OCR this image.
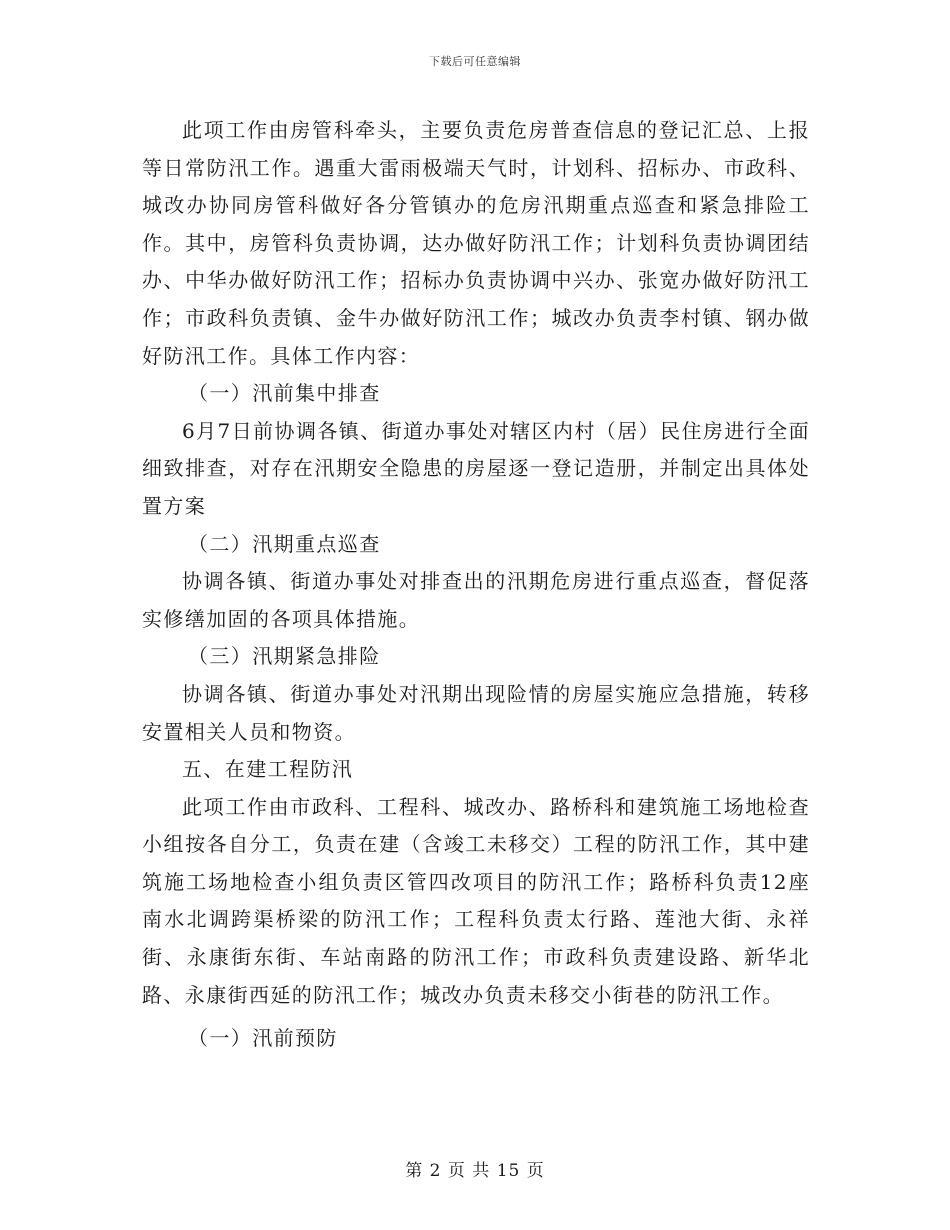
下载后可任意编辑

此项工作由房管科牵头，主要负责危房普查信息的登记汇总、上报等日常防汛工作。遇重大雷雨极端天气时，计划科、招标办、市政科、城改办协同房管科做好各分管镇办的危房汛期重点巡查和紧急排险工作。其中，房管科负责协调，达办做好防汛工作；计划科负责协调团结办、中华办做好防汛工作；招标办负责协调中兴办、张宽办做好防汛工作；市政科负责镇、金牛办做好防汛工作；城改办负责李村镇、钢办做好防汛工作。具体工作内容：

（一）汛前集中排查

6月7日前协调各镇、街道办事处对辖区内村（居）民住房进行全面细致排查，对存在汛期安全隐患的房屋逐一登记造册，并制定出具体处置方案

（二）汛期重点巡查

协调各镇、街道办事处对排查出的汛期危房进行重点巡查，督促落实修缮加固的各项具体措施。

（三）汛期紧急排险

协调各镇、街道办事处对汛期出现险情的房屋实施应急措施，转移安置相关人员和物资。

五、在建工程防汛

此项工作由市政科、工程科、城改办、路桥科和建筑施工场地检查小组按各自分工，负责在建（含竣工未移交）工程的防汛工作，其中建筑施工场地检查小组负责区管四改项目的防汛工作；路桥科负责12座南水北调跨渠桥梁的防汛工作；工程科负责太行路、莲池大街、永祥街、永康街东街、车站南路的防汛工作；市政科负责建设路、新华北路、永康街西延的防汛工作；城改办负责未移交小街巷的防汛工作。

（一）汛前预防

第 2 页 共 15 页
